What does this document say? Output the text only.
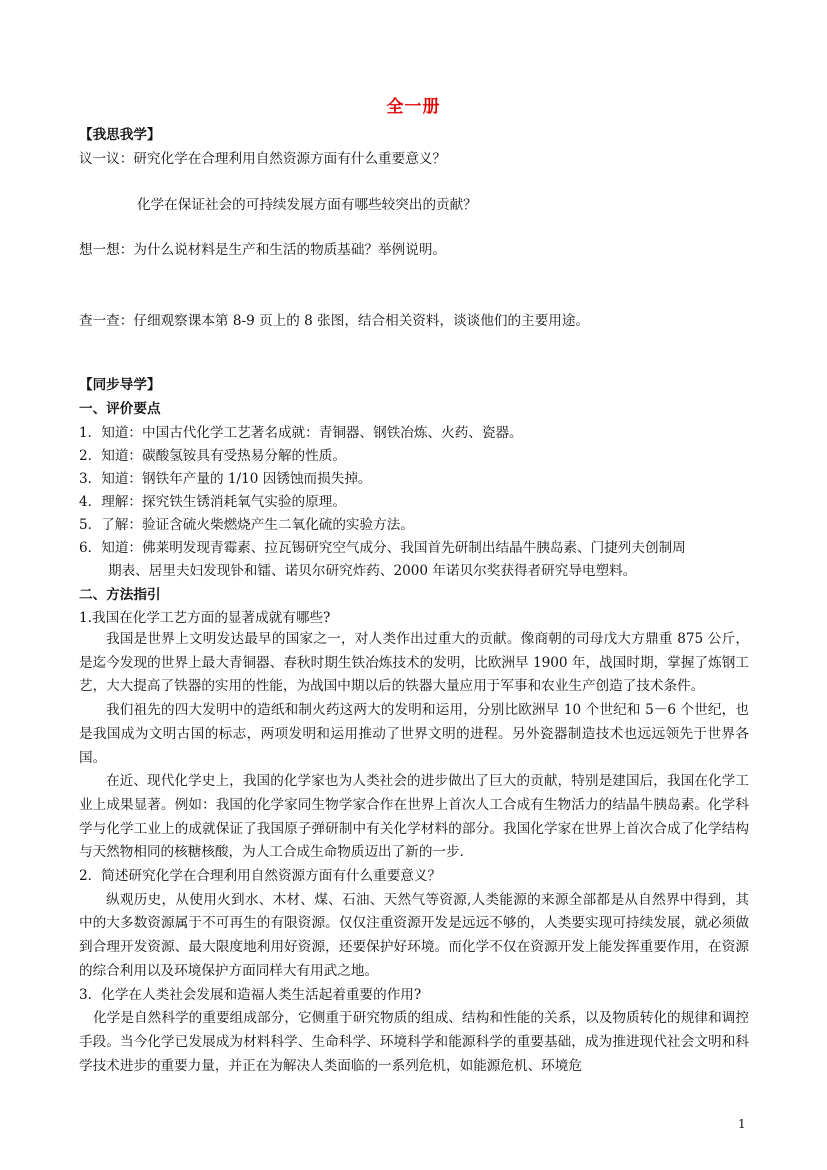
全一册
【我思我学】
议一议：研究化学在合理利用自然资源方面有什么重要意义？
化学在保证社会的可持续发展方面有哪些较突出的贡献？
想一想：为什么说材料是生产和生活的物质基础？举例说明。
查一查：仔细观察课本第 8-9 页上的 8 张图，结合相关资料，谈谈他们的主要用途。
【同步导学】
一、评价要点
1．知道：中国古代化学工艺著名成就：青铜器、钢铁冶炼、火药、瓷器。
2．知道：碳酸氢铵具有受热易分解的性质。
3．知道：钢铁年产量的 1/10 因锈蚀而损失掉。
4．理解：探究铁生锈消耗氧气实验的原理。
5．了解：验证含硫火柴燃烧产生二氧化硫的实验方法。
6．知道：佛莱明发现青霉素、拉瓦锡研究空气成分、我国首先研制出结晶牛胰岛素、门捷列夫创制周
期表、居里夫妇发现钋和镭、诺贝尔研究炸药、2000 年诺贝尔奖获得者研究导电塑料。
二、方法指引
1.我国在化学工艺方面的显著成就有哪些?

我国是世界上文明发达最早的国家之一，对人类作出过重大的贡献。像商朝的司母戊大方鼎重 875 公斤，是迄今发现的世界上最大青铜器、春秋时期生铁冶炼技术的发明，比欧洲早 1900 年，战国时期，掌握了炼钢工艺，大大提高了铁器的实用的性能，为战国中期以后的铁器大量应用于军事和农业生产创造了技术条件。

我们祖先的四大发明中的造纸和制火药这两大的发明和运用，分别比欧洲早 10 个世纪和 5－6 个世纪，也是我国成为文明古国的标志，两项发明和运用推动了世界文明的进程。另外瓷器制造技术也远远领先于世界各国。

在近、现代化学史上，我国的化学家也为人类社会的进步做出了巨大的贡献，特别是建国后，我国在化学工业上成果显著。例如：我国的化学家同生物学家合作在世界上首次人工合成有生物活力的结晶牛胰岛素。化学科学与化学工业上的成就保证了我国原子弹研制中有关化学材料的部分。我国化学家在世界上首次合成了化学结构与天然物相同的核糖核酸，为人工合成生命物质迈出了新的一步．

2．简述研究化学在合理利用自然资源方面有什么重要意义？

纵观历史，从使用火到水、木材、煤、石油、天然气等资源,人类能源的来源全部都是从自然界中得到，其中的大多数资源属于不可再生的有限资源。仅仅注重资源开发是远远不够的，人类要实现可持续发展，就必须做到合理开发资源、最大限度地利用好资源，还要保护好环境。而化学不仅在资源开发上能发挥重要作用，在资源的综合利用以及环境保护方面同样大有用武之地。

3．化学在人类社会发展和造福人类生活起着重要的作用?

化学是自然科学的重要组成部分，它侧重于研究物质的组成、结构和性能的关系，以及物质转化的规律和调控手段。当今化学已发展成为材料科学、生命科学、环境科学和能源科学的重要基础，成为推进现代社会文明和科学技术进步的重要力量，并正在为解决人类面临的一系列危机，如能源危机、环境危

1
